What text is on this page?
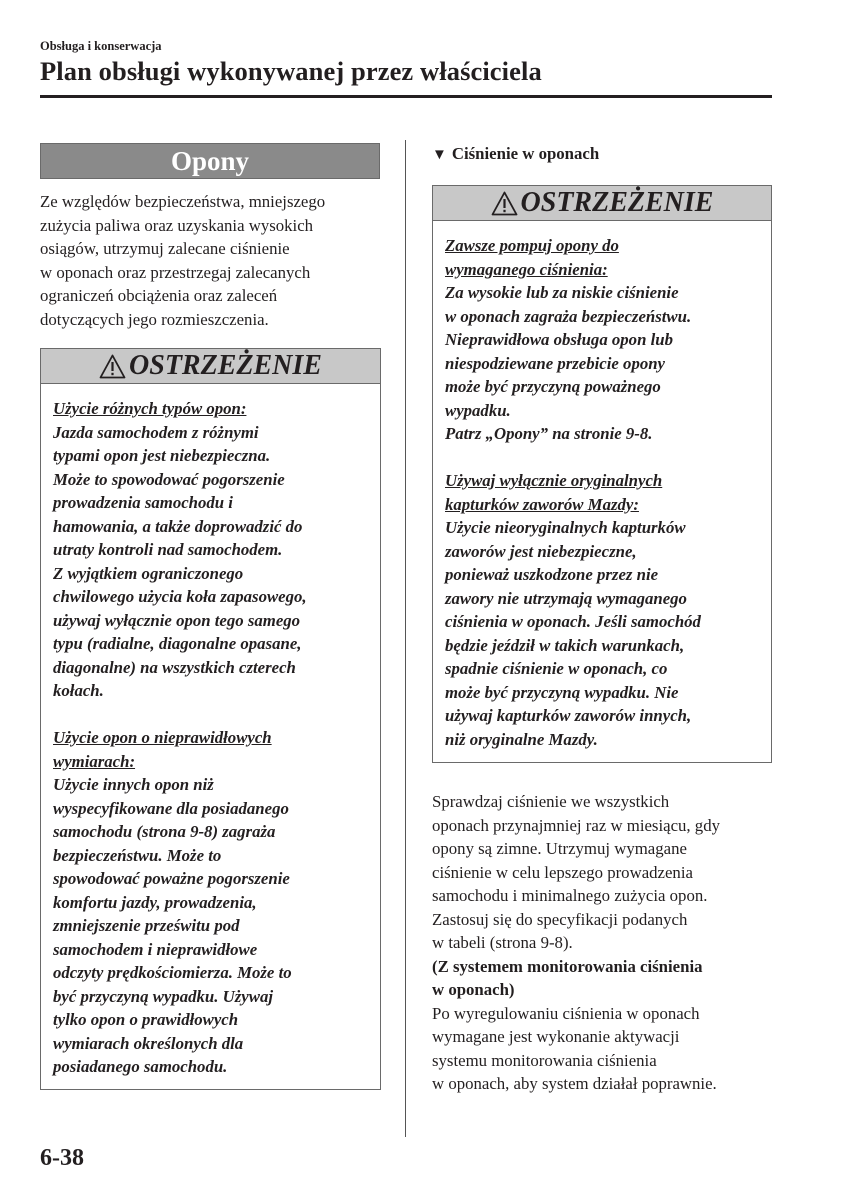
Obsługa i konserwacja
Plan obsługi wykonywanej przez właściciela
Opony
Ze względów bezpieczeństwa, mniejszego
zużycia paliwa oraz uzyskania wysokich
osiągów, utrzymuj zalecane ciśnienie
w oponach oraz przestrzegaj zalecanych
ograniczeń obciążenia oraz zaleceń
dotyczących jego rozmieszczenia.
OSTRZEŻENIE
Użycie różnych typów opon:
Jazda samochodem z różnymi
typami opon jest niebezpieczna.
Może to spowodować pogorszenie
prowadzenia samochodu i
hamowania, a także doprowadzić do
utraty kontroli nad samochodem.
Z wyjątkiem ograniczonego
chwilowego użycia koła zapasowego,
używaj wyłącznie opon tego samego
typu (radialne, diagonalne opasane,
diagonalne) na wszystkich czterech
kołach.
Użycie opon o nieprawidłowych
wymiarach:
Użycie innych opon niż
wyspecyfikowane dla posiadanego
samochodu (strona 9-8) zagraża
bezpieczeństwu. Może to
spowodować poważne pogorszenie
komfortu jazdy, prowadzenia,
zmniejszenie prześwitu pod
samochodem i nieprawidłowe
odczyty prędkościomierza. Może to
być przyczyną wypadku. Używaj
tylko opon o prawidłowych
wymiarach określonych dla
posiadanego samochodu.
▼ Ciśnienie w oponach
OSTRZEŻENIE
Zawsze pompuj opony do
wymaganego ciśnienia:
Za wysokie lub za niskie ciśnienie
w oponach zagraża bezpieczeństwu.
Nieprawidłowa obsługa opon lub
niespodziewane przebicie opony
może być przyczyną poważnego
wypadku.
Patrz „Opony” na stronie 9-8.
Używaj wyłącznie oryginalnych
kapturków zaworów Mazdy:
Użycie nieoryginalnych kapturków
zaworów jest niebezpieczne,
ponieważ uszkodzone przez nie
zawory nie utrzymają wymaganego
ciśnienia w oponach. Jeśli samochód
będzie jeździł w takich warunkach,
spadnie ciśnienie w oponach, co
może być przyczyną wypadku. Nie
używaj kapturków zaworów innych,
niż oryginalne Mazdy.
Sprawdzaj ciśnienie we wszystkich
oponach przynajmniej raz w miesiącu, gdy
opony są zimne. Utrzymuj wymagane
ciśnienie w celu lepszego prowadzenia
samochodu i minimalnego zużycia opon.
Zastosuj się do specyfikacji podanych
w tabeli (strona 9-8).
(Z systemem monitorowania ciśnienia
w oponach)
Po wyregulowaniu ciśnienia w oponach
wymagane jest wykonanie aktywacji
systemu monitorowania ciśnienia
w oponach, aby system działał poprawnie.
6-38
